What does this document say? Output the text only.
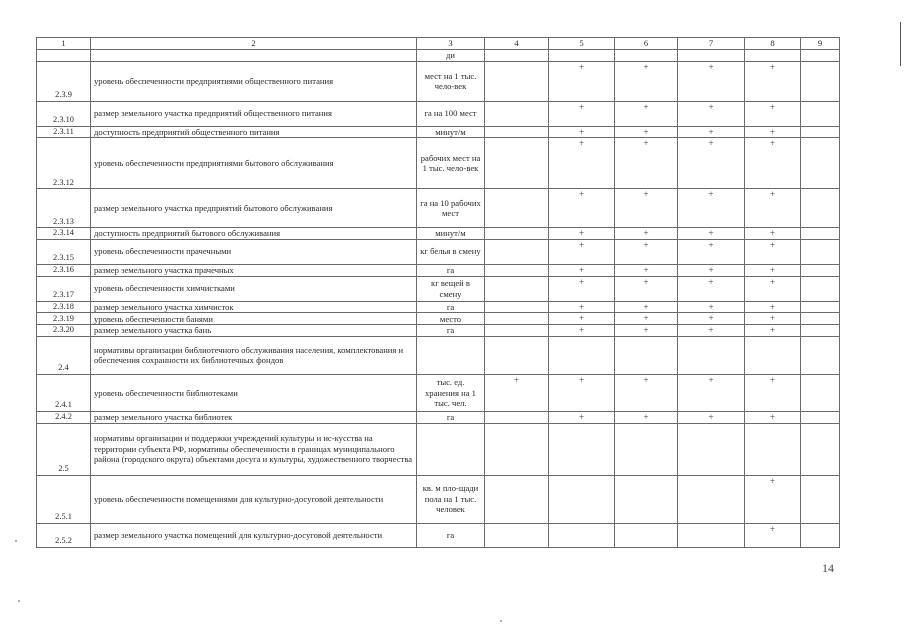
1	2	3	4	5	6	7	8	9
		ди						
2.3.9	уровень обеспеченности предприятиями общественного питания	мест на 1 тыс. чело-век		+	+	+	+	
2.3.10	размер земельного участка предприятий общественного питания	га на 100 мест		+	+	+	+	
2.3.11	доступность предприятий общественного питания	минут/м		+	+	+	+	
2.3.12	уровень обеспеченности предприятиями бытового обслуживания	рабочих мест на 1 тыс. чело-век		+	+	+	+	
2.3.13	размер земельного участка предприятий бытового обслуживания	га на 10 рабочих мест		+	+	+	+	
2.3.14	доступность предприятий бытового обслуживания	минут/м		+	+	+	+	
2.3.15	уровень обеспеченности прачечными	кг белья в смену		+	+	+	+	
2.3.16	размер земельного участка прачечных	га		+	+	+	+	
2.3.17	уровень обеспеченности химчистками	кг вещей в смену		+	+	+	+	
2.3.18	размер земельного участка химчисток	га		+	+	+	+	
2.3.19	уровень обеспеченности банями	место		+	+	+	+	
2.3.20	размер земельного участка бань	га		+	+	+	+	
2.4	нормативы организации библиотечного обслуживания населения, комплектования и обеспечения сохранности их библиотечных фондов							
2.4.1	уровень обеспеченности библиотеками	тыс. ед. хранения на 1 тыс. чел.	+	+	+	+	+	
2.4.2	размер земельного участка библиотек	га		+	+	+	+	
2.5	нормативы организации и поддержки учреждений культуры и ис-кусства на территории субъекта РФ, нормативы обеспеченности в границах муниципального района (городского округа) объектами досуга и культуры, художественного творчества							
2.5.1	уровень обеспеченности помещениями для культурно-досуговой деятельности	кв. м пло-щади пола на 1 тыс. человек					+	
2.5.2	размер земельного участка помещений для культурно-досуговой деятельности	га					+	
14
